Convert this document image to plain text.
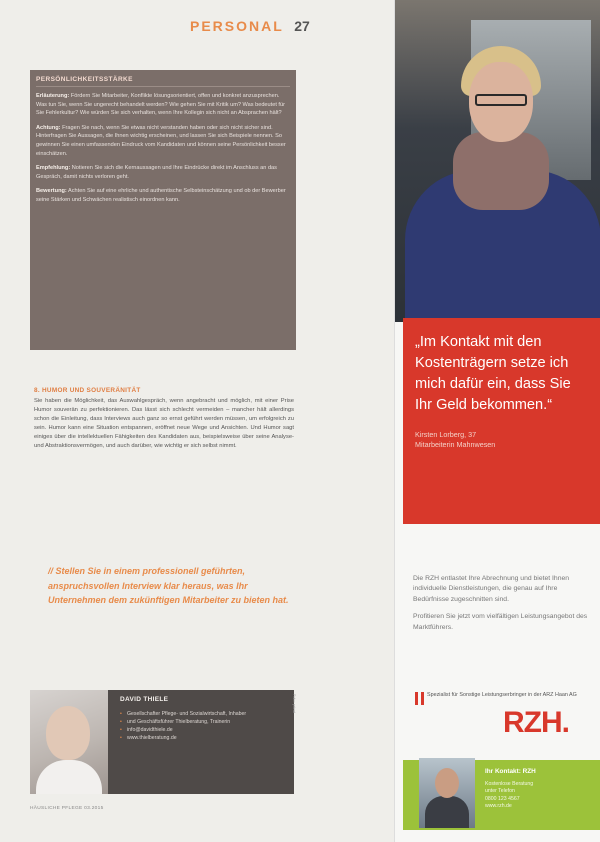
PERSONAL 27
PERSÖNLICHKEITSSTÄRKE

Erläuterung: Fördern Sie Mitarbeiter, Konflikte lösungsorientiert, offen und konkret anzusprechen. Was tun Sie, wenn Sie ungerecht behandelt werden? Wie gehen Sie mit Kritik um? Was bedeutet für Sie Fehlerkultur? Wie würden Sie sich verhalten, wenn Ihre Kollegin sich nicht an Absprachen hält?

Achtung: Fragen Sie nach, wenn Sie etwas nicht verstanden haben oder sich nicht sicher sind. Hinterfragen Sie Aussagen, die Ihnen wichtig erscheinen, und lassen Sie sich Beispiele nennen. So gewinnen Sie einen umfassenden Eindruck vom Kandidaten und können seine Persönlichkeit besser einschätzen.

Empfehlung: Notieren Sie sich die Kernaussagen und Ihre Eindrücke direkt im Anschluss an das Gespräch, damit nichts verloren geht.

Bewertung: Achten Sie auf eine ehrliche und authentische Selbsteinschätzung und ob der Bewerber seine Stärken und Schwächen realistisch einordnen kann.

8. HUMOR UND SOUVERÄNITÄT
Sie haben die Möglichkeit, das Auswahlgespräch, wenn angebracht und möglich, mit einer Prise Humor souverän zu perfektionieren. Das lässt sich schlecht vermeiden – mancher hält allerdings schon die Einleitung, dass Interviews auch ganz so ernst geführt werden müssen, um erfolgreich zu sein. Humor kann eine Situation entspannen, eröffnet neue Wege und Ansichten. Und Humor sagt einiges über die intellektuellen Fähigkeiten des Kandidaten aus, beispielsweise über seine Analyse- und Abstraktionsvermögen, und auch darüber, wie wichtig er sich selbst nimmt.
// Stellen Sie in einem professionell geführten, anspruchsvollen Interview klar heraus, was Ihr Unternehmen dem zukünftigen Mitarbeiter zu bieten hat.
DAVID THIELE
• Gesellschafter Pflege- und Sozialwirtschaft, Inhaber
• und Geschäftsführer Thielberatung, Trainerin
• info@davidthiele.de
• www.thielberatung.de
Foto: privat
HÄUSLICHE PFLEGE 03.2015
„Im Kontakt mit den Kostenträgern setze ich mich dafür ein, dass Sie Ihr Geld bekommen.“
Kirsten Lorberg, 37
Mitarbeiterin Mahnwesen

Die RZH entlastet Ihre Abrechnung und bietet Ihnen individuelle Dienstleistungen, die genau auf Ihre Bedürfnisse zugeschnitten sind.

Profitieren Sie jetzt vom vielfältigen Leistungsangebot des Marktführers.

Spezialist für Sonstige Leistungserbringer in der ARZ Haan AG
RZH.
Ihr Kontakt: RZH
Kostenlose Beratung
unter Telefon
0800 123 4567
www.rzh.de
